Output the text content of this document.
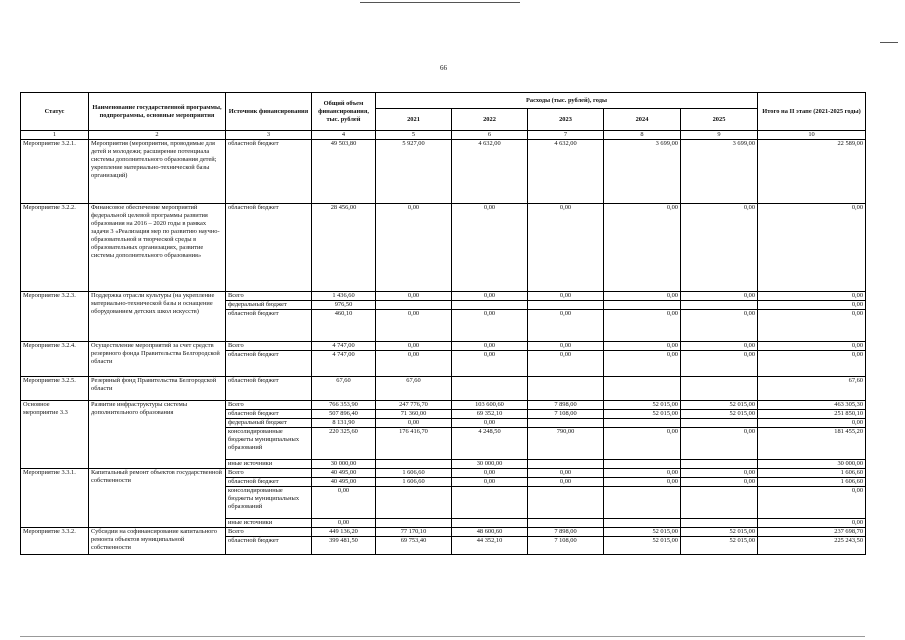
66
Статус	Наименование государственной программы, подпрограммы, основные мероприятия	Источник финансирования	Общий объем финансирования, тыс. рублей	Расходы (тыс. рублей), годы					Итого на II этапе (2021-2025 годы)
				2021	2022	2023	2024	2025	
1	2	3	4	5	6	7	8	9	10
Мероприятие 3.2.1.	Мероприятия (мероприятия, проводимые для детей и молодежи; расширение потенциала системы дополнительного образования детей; укрепление материально-технической базы организаций)	областной бюджет	49 503,80	5 927,00	4 632,00	4 632,00	3 699,00	3 699,00	22 589,00
Мероприятие 3.2.2.	Финансовое обеспечение мероприятий федеральной целевой программы развития образования на 2016 – 2020 годы в рамках задачи 3 «Реализация мер по развитию научно-образовательной и творческой среды в образовательных организациях, развитие системы дополнительного образования»	областной бюджет	28 456,00	0,00	0,00	0,00	0,00	0,00	0,00
Мероприятие 3.2.3.	Поддержка отрасли культуры (на укрепление материально-технической базы и оснащение оборудованием детских школ искусств)	Всего	1 436,60	0,00	0,00	0,00	0,00	0,00	0,00
		федеральный бюджет	976,50						0,00
		областной бюджет	460,10	0,00	0,00	0,00	0,00	0,00	0,00
Мероприятие 3.2.4.	Осуществление мероприятий за счет средств резервного фонда Правительства Белгородской области	Всего	4 747,00	0,00	0,00	0,00	0,00	0,00	0,00
		областной бюджет	4 747,00	0,00	0,00	0,00	0,00	0,00	0,00
Мероприятие 3.2.5.	Резервный фонд Правительства Белгородской области	областной бюджет	67,60	67,60					67,60
Основное мероприятие 3.3	Развитие инфраструктуры системы дополнительного образования	Всего	766 353,90	247 776,70	103 600,60	7 898,00	52 015,00	52 015,00	463 305,30
		областной бюджет	507 896,40	71 360,00	69 352,10	7 108,00	52 015,00	52 015,00	251 850,10
		федеральный бюджет	8 131,90	0,00	0,00				0,00
		консолидированные бюджеты муниципальных образований	220 325,60	176 416,70	4 248,50	790,00	0,00	0,00	181 455,20
		иные источники	30 000,00		30 000,00				30 000,00
Мероприятие 3.3.1.	Капитальный ремонт объектов государственной собственности	Всего	40 495,00	1 606,60	0,00	0,00	0,00	0,00	1 606,60
		областной бюджет	40 495,00	1 606,60	0,00	0,00	0,00	0,00	1 606,60
		консолидированные бюджеты муниципальных образований	0,00						0,00
		иные источники	0,00						0,00
Мероприятие 3.3.2.	Субсидии на софинансирование капитального ремонта объектов муниципальной собственности	Всего	449 136,20	77 170,10	48 600,60	7 898,00	52 015,00	52 015,00	237 698,70
		областной бюджет	399 481,50	69 753,40	44 352,10	7 108,00	52 015,00	52 015,00	225 243,50
